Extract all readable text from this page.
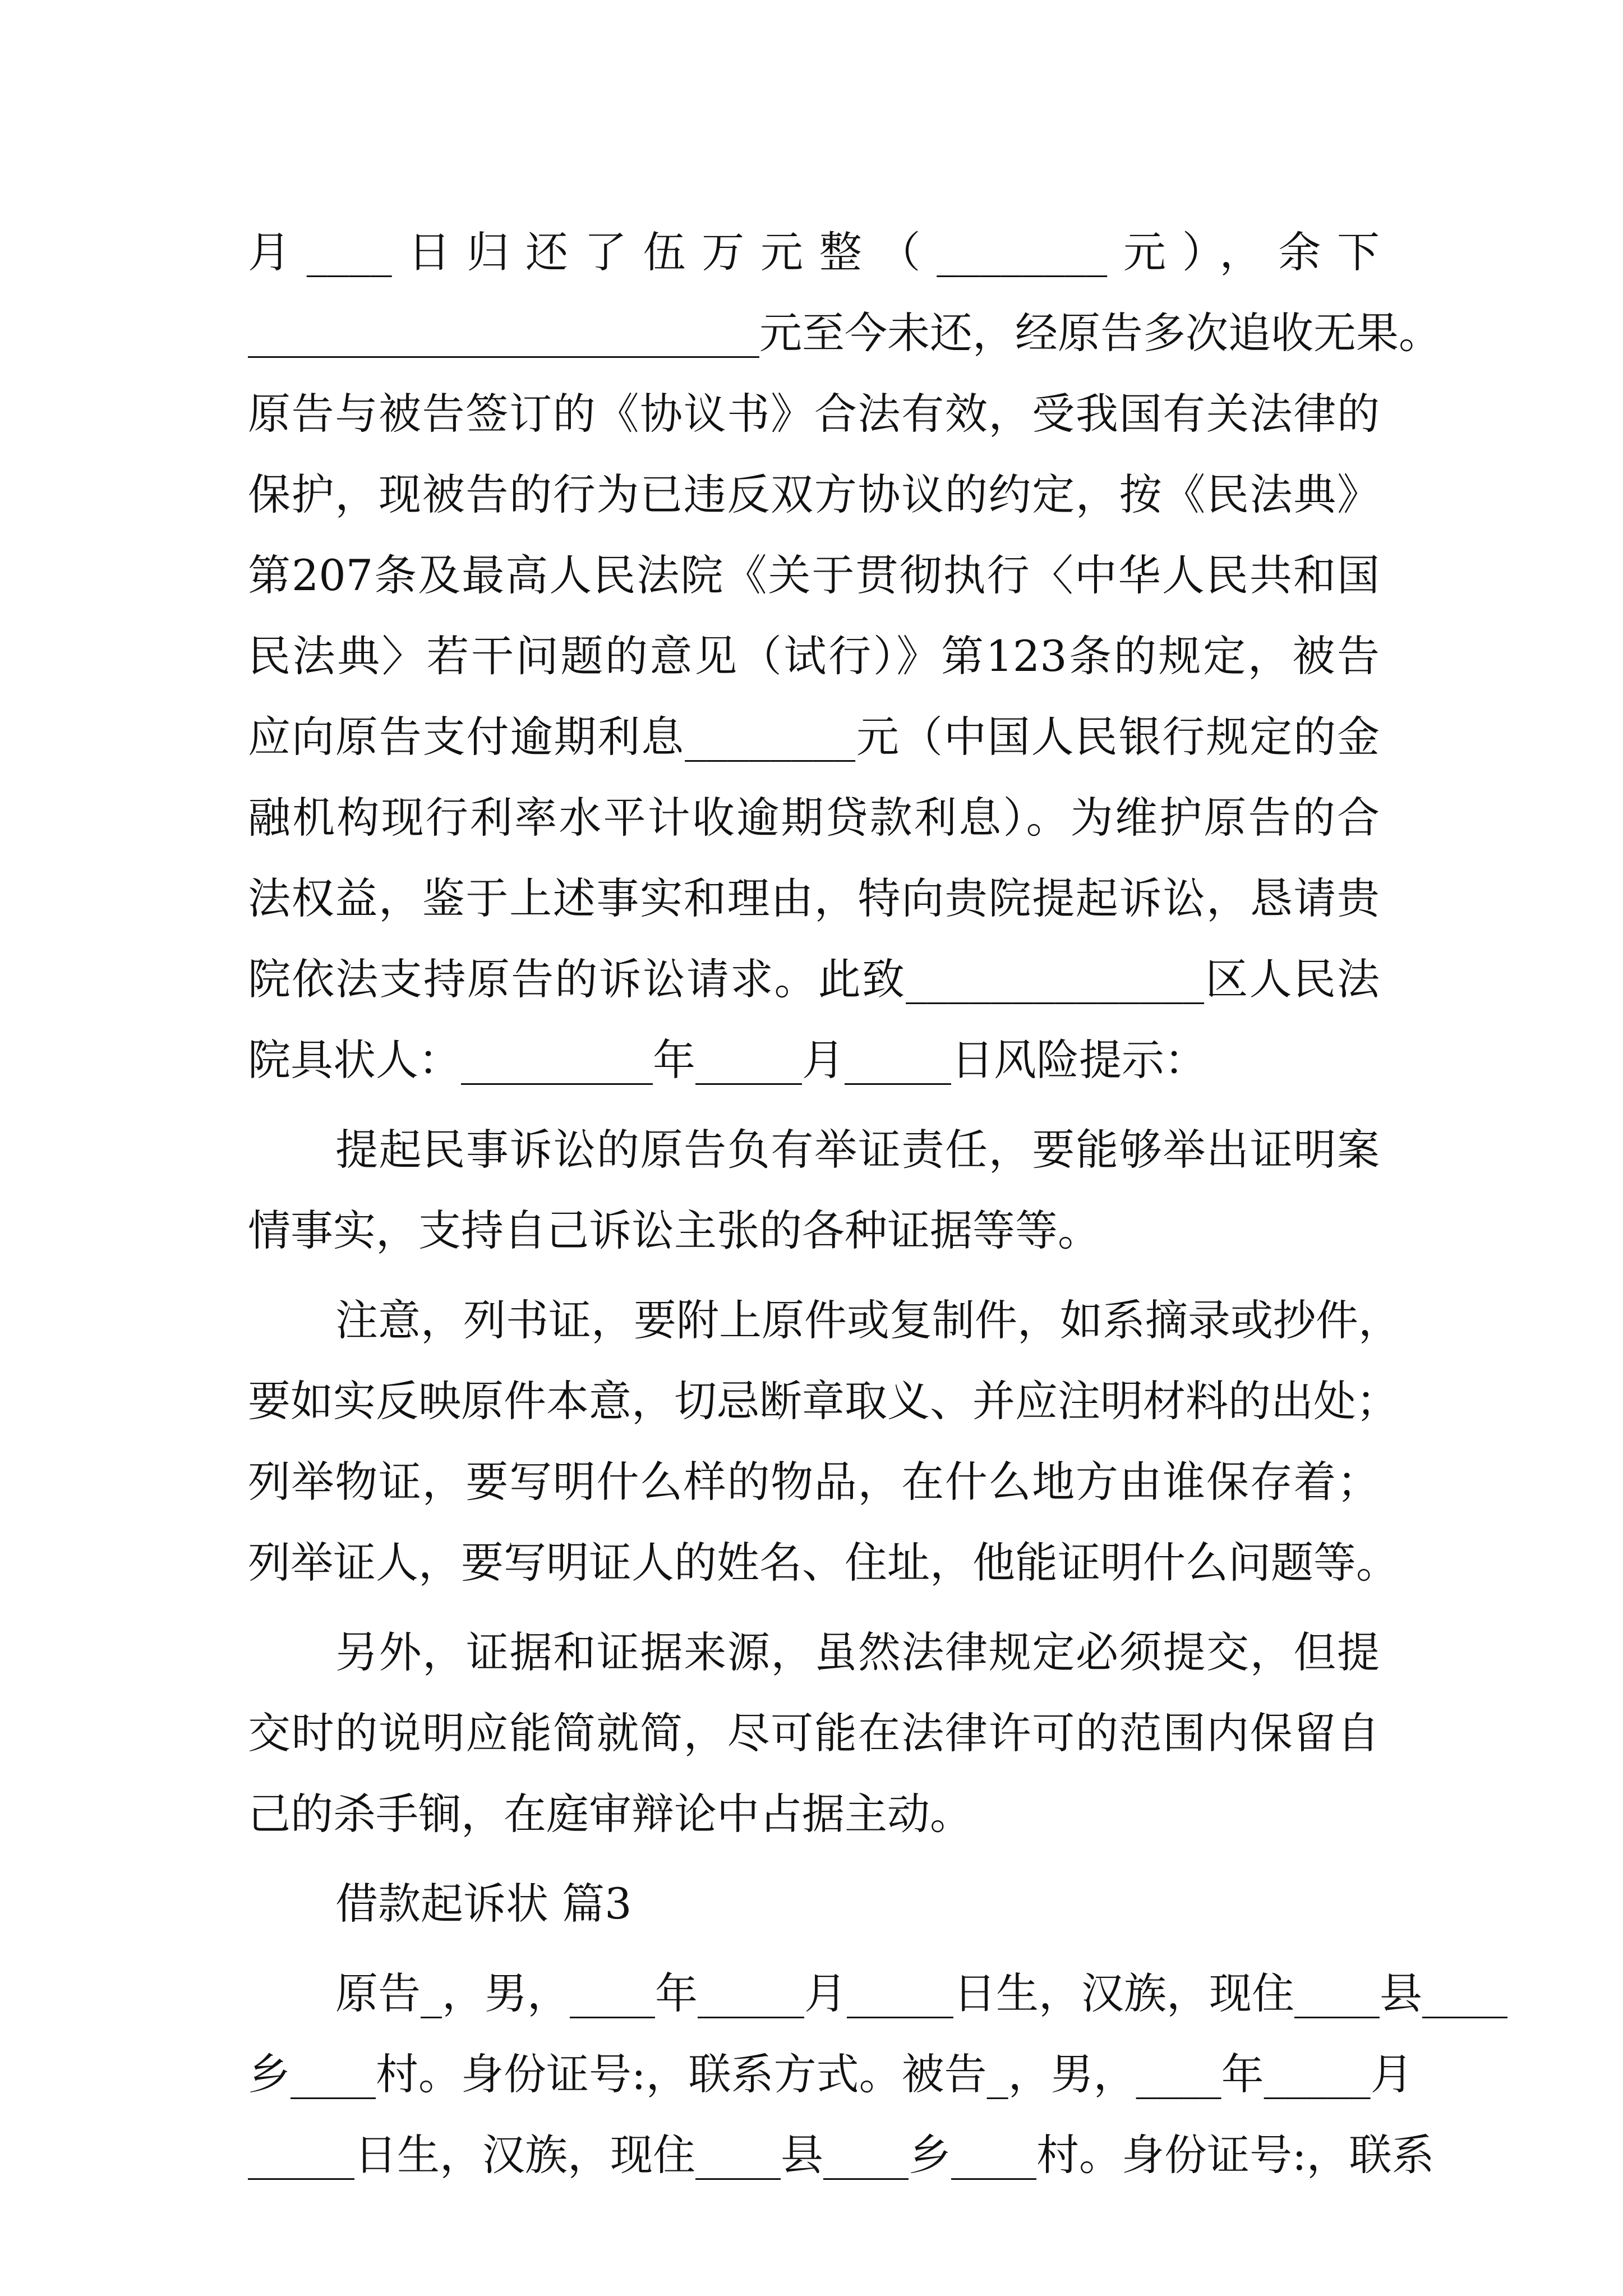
月____日归还了伍万元整（________元），余下
________________________元至今未还，经原告多次追收无果。
原告与被告签订的《协议书》合法有效，受我国有关法律的
保护，现被告的行为已违反双方协议的约定，按《民法典》
第207条及最高人民法院《关于贯彻执行〈中华人民共和国
民法典〉若干问题的意见（试行）》第123条的规定，被告
应向原告支付逾期利息________元（中国人民银行规定的金
融机构现行利率水平计收逾期贷款利息）。为维护原告的合
法权益，鉴于上述事实和理由，特向贵院提起诉讼，恳请贵
院依法支持原告的诉讼请求。此致______________区人民法
院具状人：_________年_____月_____日风险提示：
提起民事诉讼的原告负有举证责任，要能够举出证明案
情事实，支持自己诉讼主张的各种证据等等。
注意，列书证，要附上原件或复制件，如系摘录或抄件，
要如实反映原件本意，切忌断章取义、并应注明材料的出处；
列举物证，要写明什么样的物品，在什么地方由谁保存着；
列举证人，要写明证人的姓名、住址，他能证明什么问题等。
另外，证据和证据来源，虽然法律规定必须提交，但提
交时的说明应能简就简，尽可能在法律许可的范围内保留自
己的杀手锏，在庭审辩论中占据主动。
借款起诉状 篇3
原告_，男，____年_____月_____日生，汉族，现住____县____
乡____村。身份证号:，联系方式。被告_，男，____年_____月
_____日生，汉族，现住____县____乡____村。身份证号:，联系
